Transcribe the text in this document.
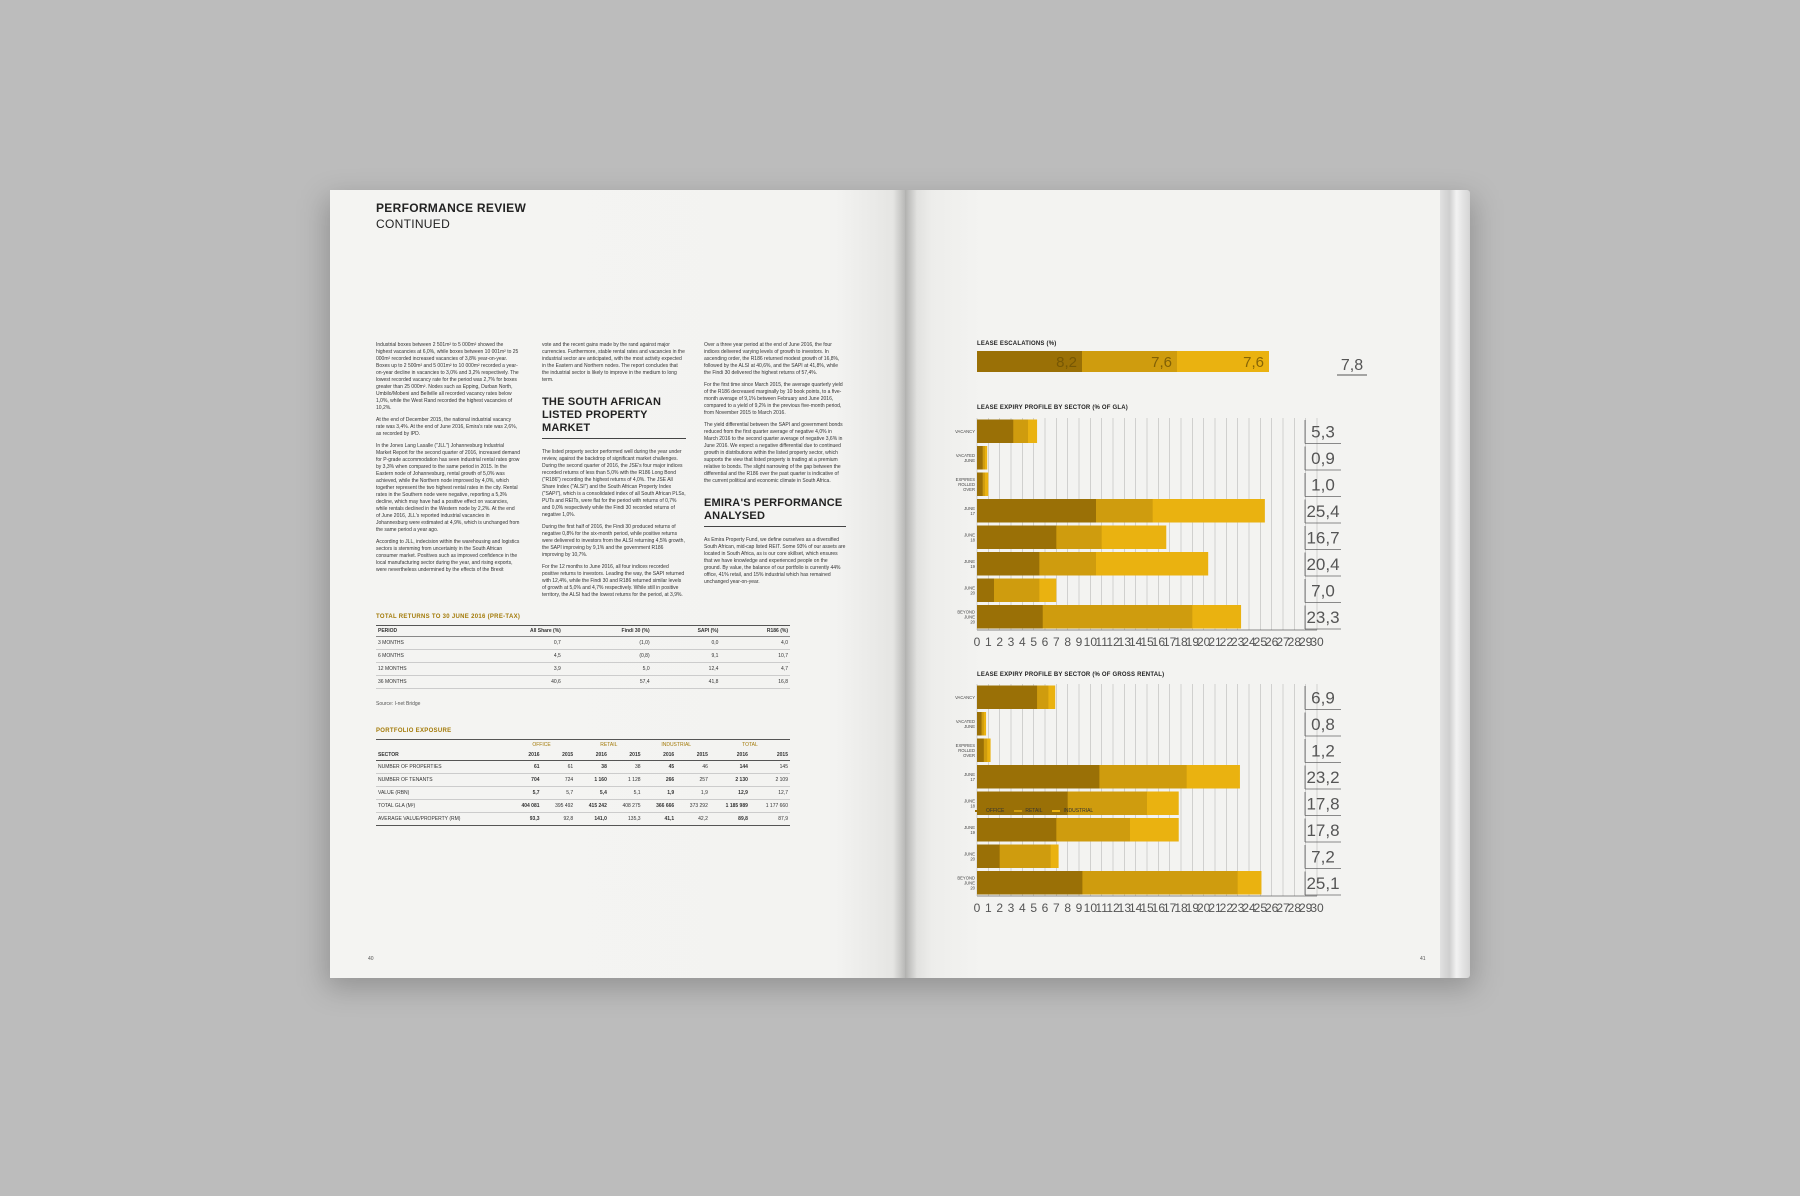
PERFORMANCE REVIEW
CONTINUED

Industrial boxes between 2 501m² to 5 000m² showed the highest vacancies at 6,0%, while boxes between 10 001m² to 25 000m² recorded increased vacancies of 3,8% year-on-year. Boxes up to 2 500m² and 5 001m² to 10 000m² recorded a year-on-year decline in vacancies to 3,0% and 3,2% respectively. The lowest recorded vacancy rate for the period was 2,7% for boxes greater than 25 000m². Nodes such as Epping, Durban North, Umbilo/Mobeni and Bellville all recorded vacancy rates below 1,0%, while the West Rand recorded the highest vacancies of 10,2%.

At the end of December 2015, the national industrial vacancy rate was 3,4%. At the end of June 2016, Emira's rate was 2,6%, as recorded by IPD.

In the Jones Lang Lasalle ("JLL") Johannesburg Industrial Market Report for the second quarter of 2016, increased demand for P-grade accommodation has seen industrial rental rates grow by 3,3% when compared to the same period in 2015. In the Eastern node of Johannesburg, rental growth of 5,0% was achieved, while the Northern node improved by 4,0%, which together represent the two highest rental rates in the city. Rental rates in the Southern node were negative, reporting a 5,3% decline, which may have had a positive effect on vacancies, while rentals declined in the Western node by 2,2%. At the end of June 2016, JLL's reported industrial vacancies in Johannesburg were estimated at 4,9%, which is unchanged from the same period a year ago.

According to JLL, indecision within the warehousing and logistics sectors is stemming from uncertainty in the South African consumer market. Positives such as improved confidence in the local manufacturing sector during the year, and rising exports, were nevertheless undermined by the effects of the Brexit

vote and the recent gains made by the rand against major currencies. Furthermore, stable rental rates and vacancies in the industrial sector are anticipated, with the most activity expected in the Eastern and Northern nodes. The report concludes that the industrial sector is likely to improve in the medium to long term.

THE SOUTH AFRICAN LISTED PROPERTY MARKET

The listed property sector performed well during the year under review, against the backdrop of significant market challenges. During the second quarter of 2016, the JSE's four major indices recorded returns of less than 5,0% with the R186 Long Bond ("R186") recording the highest returns of 4,0%. The JSE All Share Index ("ALSI") and the South African Property Index ("SAPI"), which is a consolidated index of all South African PLSs, PUTs and REITs, were flat for the period with returns of 0,7% and 0,0% respectively while the Findi 30 recorded returns of negative 1,0%.

During the first half of 2016, the Findi 30 produced returns of negative 0,8% for the six-month period, while positive returns were delivered to investors from the ALSI returning 4,5% growth, the SAPI improving by 9,1% and the government R186 improving by 10,7%.

For the 12 months to June 2016, all four indices recorded positive returns to investors. Leading the way, the SAPI returned with 12,4%, while the Findi 30 and R186 returned similar levels of growth at 5,0% and 4,7% respectively. While still in positive territory, the ALSI had the lowest returns for the period, at 3,9%.

Over a three year period at the end of June 2016, the four indices delivered varying levels of growth to investors. In ascending order, the R186 returned modest growth of 16,8%, followed by the ALSI at 40,6%, and the SAPI at 41,8%, while the Findi 30 delivered the highest returns of 57,4%.

For the first time since March 2015, the average quarterly yield of the R186 decreased marginally by 10 book points, to a five-month average of 9,1% between February and June 2016, compared to a yield of 9,2% in the previous five-month period, from November 2015 to March 2016.

The yield differential between the SAPI and government bonds reduced from the first quarter average of negative 4,0% in March 2016 to the second quarter average of negative 3,6% in June 2016. We expect a negative differential due to continued growth in distributions within the listed property sector, which supports the view that listed property is trading at a premium relative to bonds. The slight narrowing of the gap between the differential and the R186 over the past quarter is indicative of the current political and economic climate in South Africa.

EMIRA'S PERFORMANCE ANALYSED

As Emira Property Fund, we define ourselves as a diversified South African, mid-cap listed REIT. Some 93% of our assets are located in South Africa, as is our core skillset, which ensures that we have knowledge and experienced people on the ground. By value, the balance of our portfolio is currently 44% office, 41% retail, and 15% industrial which has remained unchanged year-on-year.

TOTAL RETURNS TO 30 JUNE 2016 (PRE-TAX)
PERIOD	All Share (%)	Findi 30 (%)	SAPI (%)	R186 (%)
3 MONTHS	0,7	(1,0)	0,0	4,0
6 MONTHS	4,5	(0,8)	9,1	10,7
12 MONTHS	3,9	5,0	12,4	4,7
36 MONTHS	40,6	57,4	41,8	16,8
Source: I-net Bridge
PORTFOLIO EXPOSURE
	OFFICE		RETAIL		INDUSTRIAL		TOTAL	
SECTOR	2016	2015	2016	2015	2016	2015	2016	2015
NUMBER OF PROPERTIES	61	61	38	38	45	46	144	145
NUMBER OF TENANTS	704	724	1 160	1 128	266	257	2 130	2 109
VALUE (RBN)	5,7	5,7	5,4	5,1	1,9	1,9	12,9	12,7
TOTAL GLA (M²)	404 081	395 492	415 242	408 275	366 666	373 292	1 185 989	1 177 660
AVERAGE VALUE/PROPERTY (RM)	93,3	92,8	141,0	135,3	41,1	42,2	89,8	87,9
40
LEASE ESCALATIONS (%)
8,2	7,6	7,6	7,8
VACANCY	5,3
VACATED
JUNE	0,9
EXPIRIES
ROLLED
OVER	1,0
JUNE
17	25,4
JUNE
18	16,7
JUNE
19	20,4
JUNE
20	7,0
BEYOND
JUNE
20	23,3
0 1 2 3 4 5 6 7 8 9 10
11
12
13
14
15
16
17
18
19
20
21
22
23
24
25
26
27
28
29
30
VACANCY	6,9
VACATED
JUNE	0,8
EXPIRIES
ROLLED
OVER	1,2
JUNE
17	23,2
JUNE
18	17,8
JUNE
19	17,8
JUNE
20	7,2
BEYOND
JUNE
20	25,1
0 1 2 3 4 5 6 7 8 9 10
11
12
13
14
15
16
17
18
19
20
21
22
23
24
25
26
27
28
29
30
LEASE EXPIRY PROFILE BY SECTOR (% OF GLA)
LEASE EXPIRY PROFILE BY SECTOR (% OF GROSS RENTAL)
OFFICE	RETAIL	INDUSTRIAL
41
